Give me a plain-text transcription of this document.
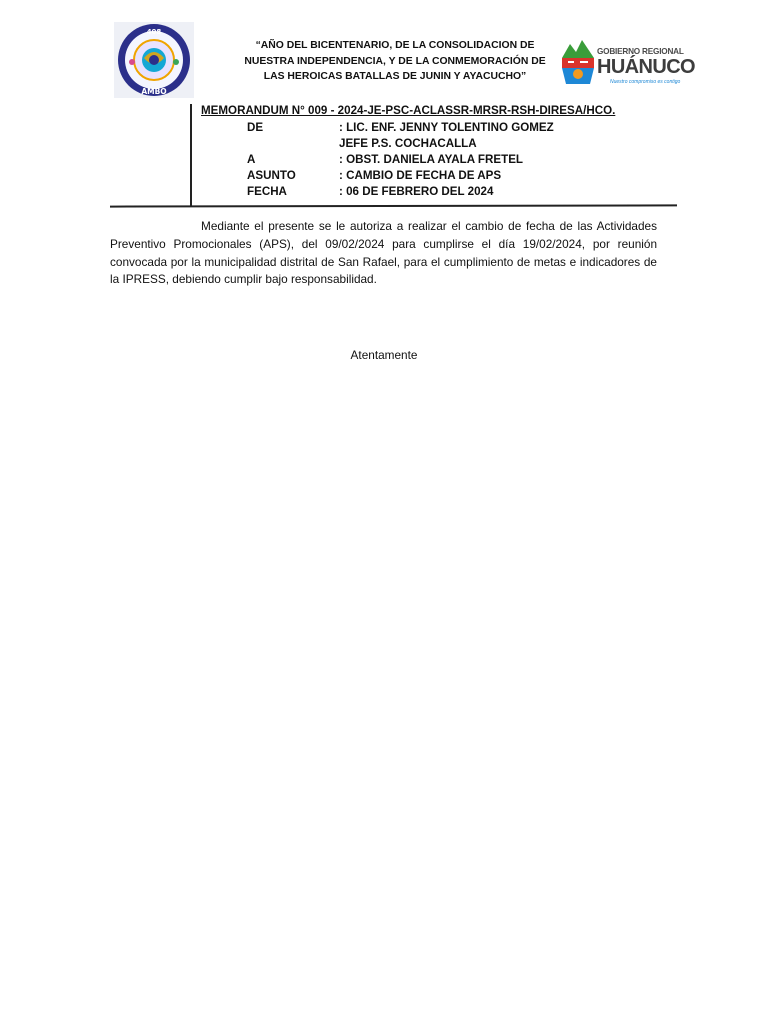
408
AMBO
“AÑO DEL BICENTENARIO, DE LA CONSOLIDACION DE
NUESTRA INDEPENDENCIA, Y DE LA CONMEMORACIÓN DE
LAS HEROICAS BATALLAS DE JUNIN Y AYACUCHO”
GOBIERNO REGIONAL
HUÁNUCO
Nuestro compromiso es contigo
MEMORANDUM N° 009 - 2024-JE-PSC-ACLASSR-MRSR-RSH-DIRESA/HCO.
DE	: LIC. ENF. JENNY TOLENTINO GOMEZ
JEFE P.S. COCHACALLA
A	: OBST. DANIELA AYALA FRETEL
ASUNTO	: CAMBIO DE FECHA DE APS
FECHA	: 06 DE FEBRERO DEL 2024

Mediante el presente se le autoriza a realizar el cambio de fecha de las Actividades Preventivo Promocionales (APS), del 09/02/2024 para cumplirse el día 19/02/2024, por reunión convocada por la municipalidad distrital de San Rafael, para el cumplimiento de metas e indicadores de la IPRESS, debiendo cumplir bajo responsabilidad.

Atentamente
